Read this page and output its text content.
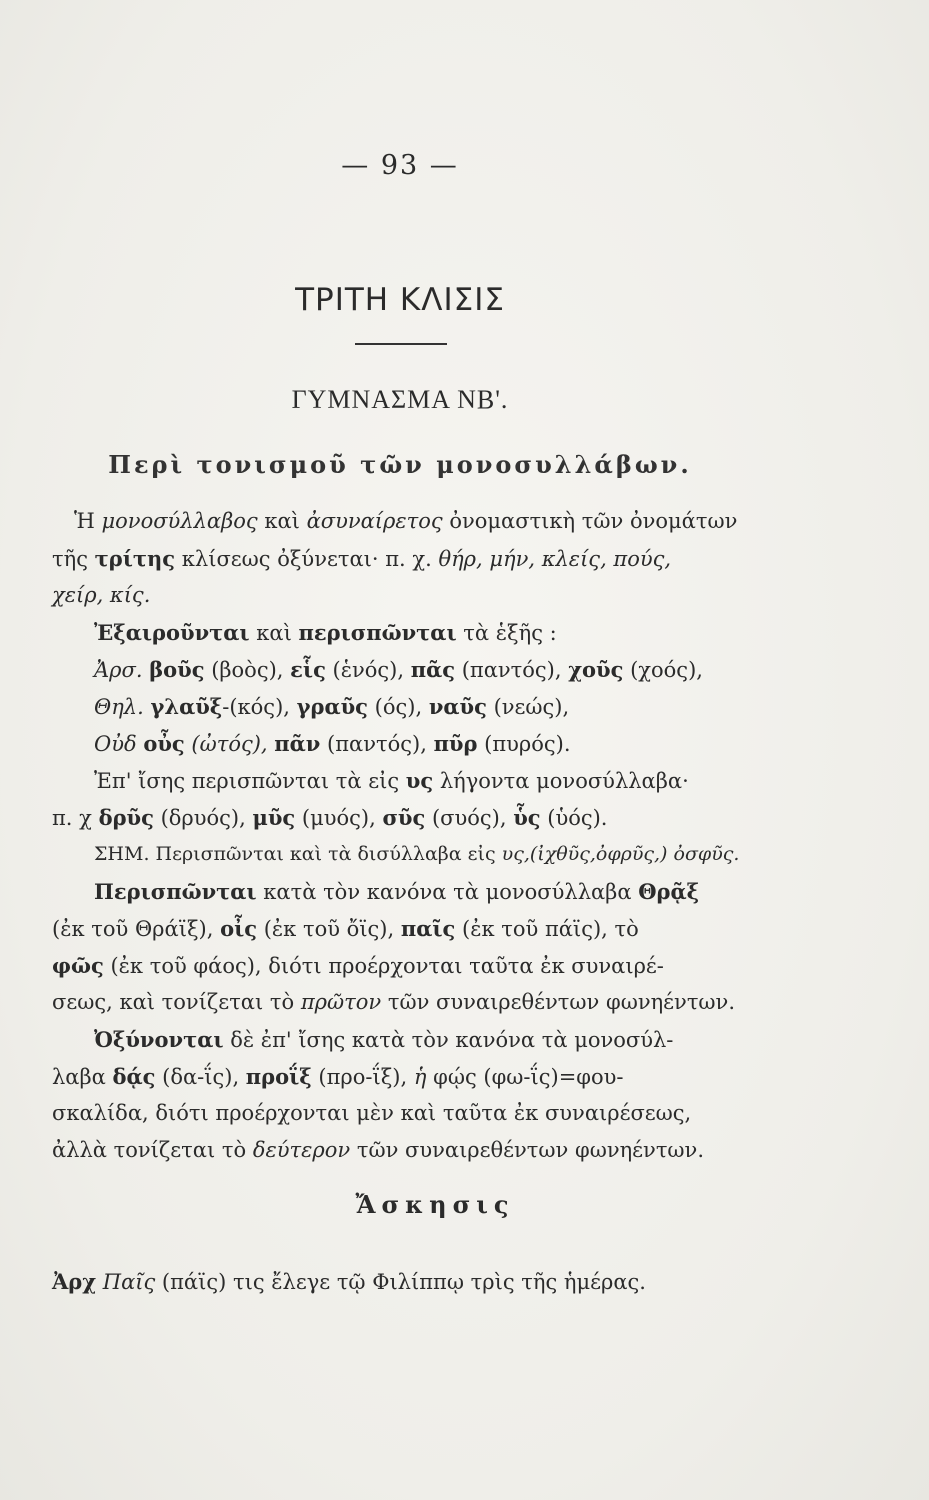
— 93 —
ΤΡΙΤΗ ΚΛΙΣΙΣ
ΓΥΜΝΑΣΜΑ ΝΒ'.
Περὶ τονισμοῦ τῶν μονοσυλλάβων.
Ἡ μονοσύλλαβος καὶ ἀσυναίρετος ὀνομαστικὴ τῶν ὀνομάτων
τῆς τρίτης κλίσεως ὀξύνεται· π. χ. θήρ, μήν, κλείς, πούς,
χείρ, κίς.
Ἐξαιροῦνται καὶ περισπῶνται τὰ ἑξῆς :
Ἀρσ. βοῦς (βοὸς), εἷς (ἑνός), πᾶς (παντός), χοῦς (χοός),
Θηλ. γλαῦξ-(κός), γραῦς (ός), ναῦς (νεώς),
Οὐδ οὖς (ὠτός), πᾶν (παντός), πῦρ (πυρός).
Ἐπ' ἴσης περισπῶνται τὰ εἰς υς λήγοντα μονοσύλλαβα·
π. χ δρῦς (δρυός), μῦς (μυός), σῦς (συός), ὗς (ὑός).
ΣΗΜ. Περισπῶνται καὶ τὰ δισύλλαβα εἰς υς,(ἰχθῦς,ὀφρῦς,) ὀσφῦς.
Περισπῶνται κατὰ τὸν κανόνα τὰ μονοσύλλαβα Θρᾷξ
(ἐκ τοῦ Θράϊξ), οἶς (ἐκ τοῦ ὄϊς), παῖς (ἐκ τοῦ πάϊς), τὸ
φῶς (ἐκ τοῦ φάος), διότι προέρχονται ταῦτα ἐκ συναιρέ-
σεως, καὶ τονίζεται τὸ πρῶτον τῶν συναιρεθέντων φωνηέντων.
Ὀξύνονται δὲ ἐπ' ἴσης κατὰ τὸν κανόνα τὰ μονοσύλ-
λαβα δᾴς (δα-ΐς), προΐξ (προ-ΐξ), ἡ φῴς (φω-ΐς)=φου-
σκαλίδα, διότι προέρχονται μὲν καὶ ταῦτα ἐκ συναιρέσεως,
ἀλλὰ τονίζεται τὸ δεύτερον τῶν συναιρεθέντων φωνηέντων.
Ἄσκησις
Ἀρχ Παῖς (πάϊς) τις ἔλεγε τῷ Φιλίππῳ τρὶς τῆς ἡμέρας.
